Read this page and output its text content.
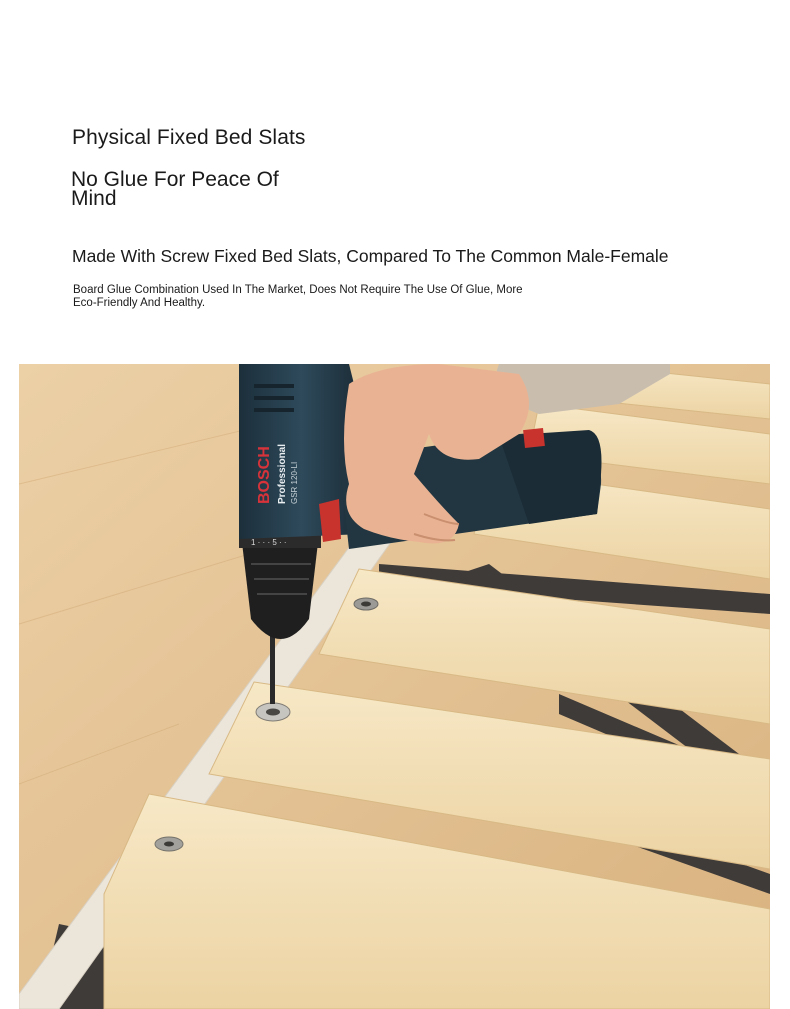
Physical Fixed Bed Slats
No Glue For Peace Of Mind
Made With Screw Fixed Bed Slats, Compared To The Common Male-Female
Board Glue Combination Used In The Market, Does Not Require The Use Of Glue, More Eco-Friendly And Healthy.
1 · · · 5 · ·
BOSCH Professional GSR 120-LI
